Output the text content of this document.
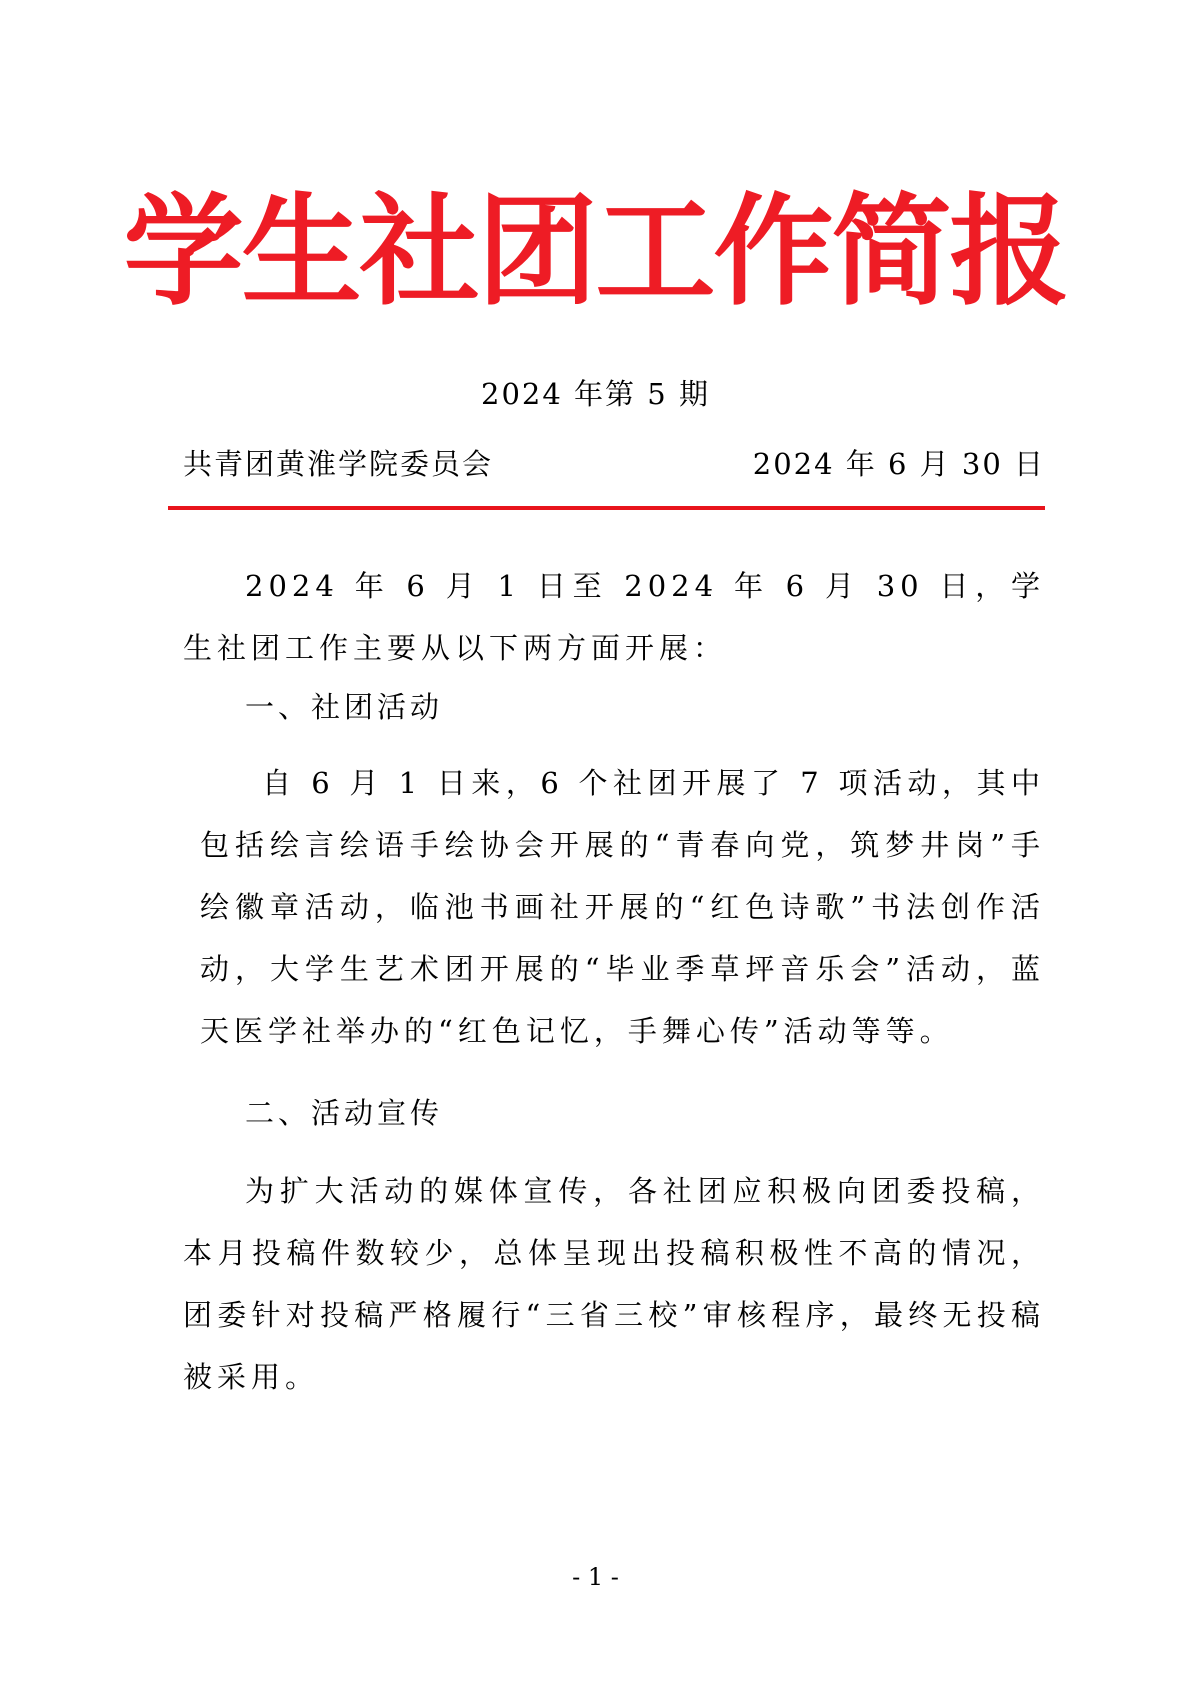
学生社团工作简报
2024 年第 5 期
共青团黄淮学院委员会	2024 年 6 月 30 日
2024 年 6 月 1 日至 2024 年 6 月 30 日，学生社团工作主要从以下两方面开展：
一、社团活动
自 6 月 1 日来，6 个社团开展了 7 项活动，其中包括绘言绘语手绘协会开展的“青春向党，筑梦井岗”手绘徽章活动，临池书画社开展的“红色诗歌”书法创作活动，大学生艺术团开展的“毕业季草坪音乐会”活动，蓝天医学社举办的“红色记忆，手舞心传”活动等等。
二、活动宣传
为扩大活动的媒体宣传，各社团应积极向团委投稿，本月投稿件数较少，总体呈现出投稿积极性不高的情况，团委针对投稿严格履行“三省三校”审核程序，最终无投稿被采用。
- 1 -
